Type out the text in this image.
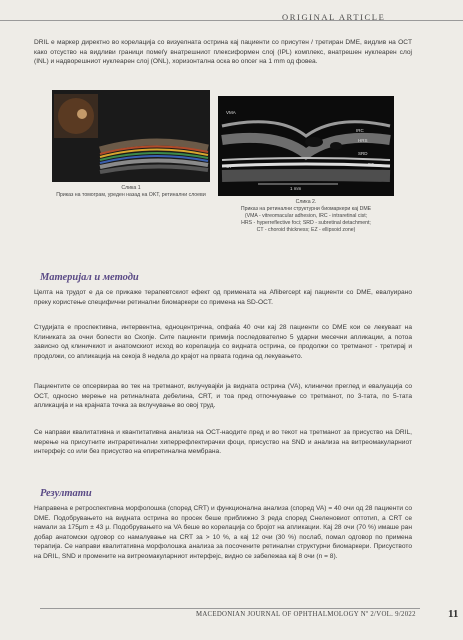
ORIGINAL ARTICLE

DRIL e маркер директно во корелација со визуелната острина кај пациенти со присутен / третиран DME, видлив на OCT како отсуство на видливи граници помеѓу внатрешниот плексиформен слој (IPL) комплекс, внатрешен нуклеарен слој (INL) и надворешниот нуклеарен слој (ONL), хоризонтална оска во опсег на 1 mm од фовеа.

Слика 1
Приказ на томограм, уреден назад на OKT, ретинални слоеви
VMA
IRC
HRS
SRD
CT	EZ
1 mm
Слика 2.
Приказ на ретинални структурни биомаркери кај DME
(VMA - vitreomacular adhesion, IRC - intraretinal cist;
HRS - hyperreflective foci; SRD - subretinal detachment;
CT - choroid thickness; EZ - ellipsoid zone)
Материјал и методи

Целта на трудот е да се прикаже терапевтскиот ефект од примената на Aflibercept кај пациенти со DME, евалуирано преку користење специфични ретинални биомаркери со примена на SD-OCT.

Студијата е проспективна, интервентна, едноцентрична, опфаќа 40 очи кај 28 пациенти со DME кои се лекуваат на Клиниката за очни болести во Скопје. Сите пациенти примија последователно 5 ударни месечни апликации, а потоа зависно од клиничкиот и анатомскиот исход во корелација со видната острина, се продолжи со третманот - третирај и продолжи, со апликација на секоја 8 недела до крајот на првата година од лекувањето.

Пациентите се опсервираа во тек на третманот, вклучувајќи ја видната острина (VA), клинички преглед и евалуација со OCT, односно мерење на ретиналната дебелина, CRT, и тоа пред отпочнување со третманот, по 3-тата, по 5-тата апликација и на крајната точка за вклучување во овој труд.

Се направи квалитативна и квантитативна анализа на OCT-наодите пред и во текот на третманот за присуство на DRIL, мерење на присутните интраретинални хиперрефлектирачки фоци, присуство на SND и анализа на витреомакуларниот интерфејс со или без присуство на епиретинална мембрана.

Резултати

Направена е ретроспективна морфолошка (според CRT) и функционална анализа (според VA) = 40 очи од 28 пациенти со DME. Подобрувањето на видната острина во просек беше приближно 3 реда според Снеленовиот оптотип, а CRT се намали за 175μm ± 43 μ. Подобрувањето на VA беше во корелација со бројот на апликации. Кај 28 очи (70 %) имаше ран добар анатомски одговор со намалување на CRT за > 10 %, а кај 12 очи (30 %) послаб, помал одговор по примена терапија. Се направи квалитативна морфолошка анализа за посочените ретинални структурни биомаркери. Присуството на DRIL, SND и промените на витреомакуларниот интерфејс, видно се забележаа кај 8 очи (n = 8).

MACEDONIAN JOURNAL OF OPHTHALMOLOGY Nº 2/VOL. 9/2022	11
